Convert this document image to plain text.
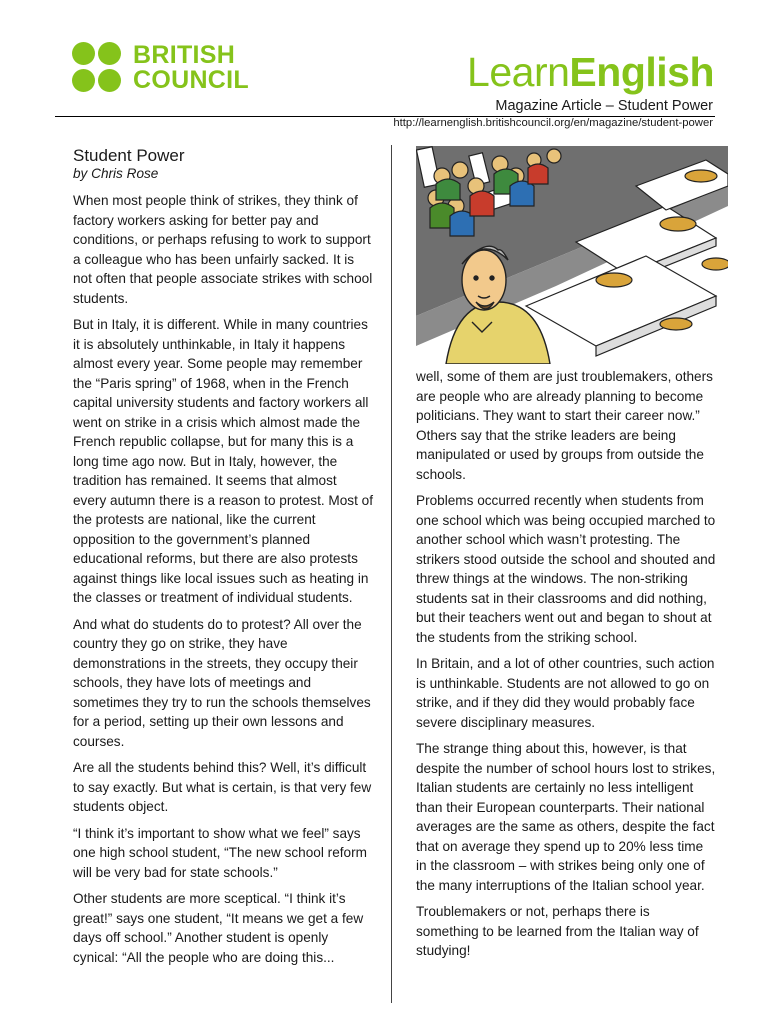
BRITISH
COUNCIL	LearnEnglish
Magazine Article – Student Power
http://learnenglish.britishcouncil.org/en/magazine/student-power
Student Power
by Chris Rose

When most people think of strikes, they think of factory workers asking for better pay and conditions, or perhaps refusing to work to support a colleague who has been unfairly sacked. It is not often that people associate strikes with school students.

But in Italy, it is different. While in many countries it is absolutely unthinkable, in Italy it happens almost every year. Some people may remember the “Paris spring” of 1968, when in the French capital university students and factory workers all went on strike in a crisis which almost made the French republic collapse, but for many this is a long time ago now. But in Italy, however, the tradition has remained. It seems that almost every autumn there is a reason to protest. Most of the protests are national, like the current opposition to the government’s planned educational reforms, but there are also protests against things like local issues such as heating in the classes or treatment of individual students.

And what do students do to protest? All over the country they go on strike, they have demonstrations in the streets, they occupy their schools, they have lots of meetings and sometimes they try to run the schools themselves for a period, setting up their own lessons and courses.

Are all the students behind this? Well, it’s difficult to say exactly. But what is certain, is that very few students object.

“I think it’s important to show what we feel” says one high school student, “The new school reform will be very bad for state schools.”

Other students are more sceptical. “I think it’s great!” says one student, “It means we get a few days off school.” Another student is openly cynical: “All the people who are doing this...

well, some of them are just troublemakers, others are people who are already planning to become politicians. They want to start their career now.” Others say that the strike leaders are being manipulated or used by groups from outside the schools.

Problems occurred recently when students from one school which was being occupied marched to another school which wasn’t protesting. The strikers stood outside the school and shouted and threw things at the windows. The non-striking students sat in their classrooms and did nothing, but their teachers went out and began to shout at the students from the striking school.

In Britain, and a lot of other countries, such action is unthinkable. Students are not allowed to go on strike, and if they did they would probably face severe disciplinary measures.

The strange thing about this, however, is that despite the number of school hours lost to strikes, Italian students are certainly no less intelligent than their European counterparts. Their national averages are the same as others, despite the fact that on average they spend up to 20% less time in the classroom – with strikes being only one of the many interruptions of the Italian school year.

Troublemakers or not, perhaps there is something to be learned from the Italian way of studying!
